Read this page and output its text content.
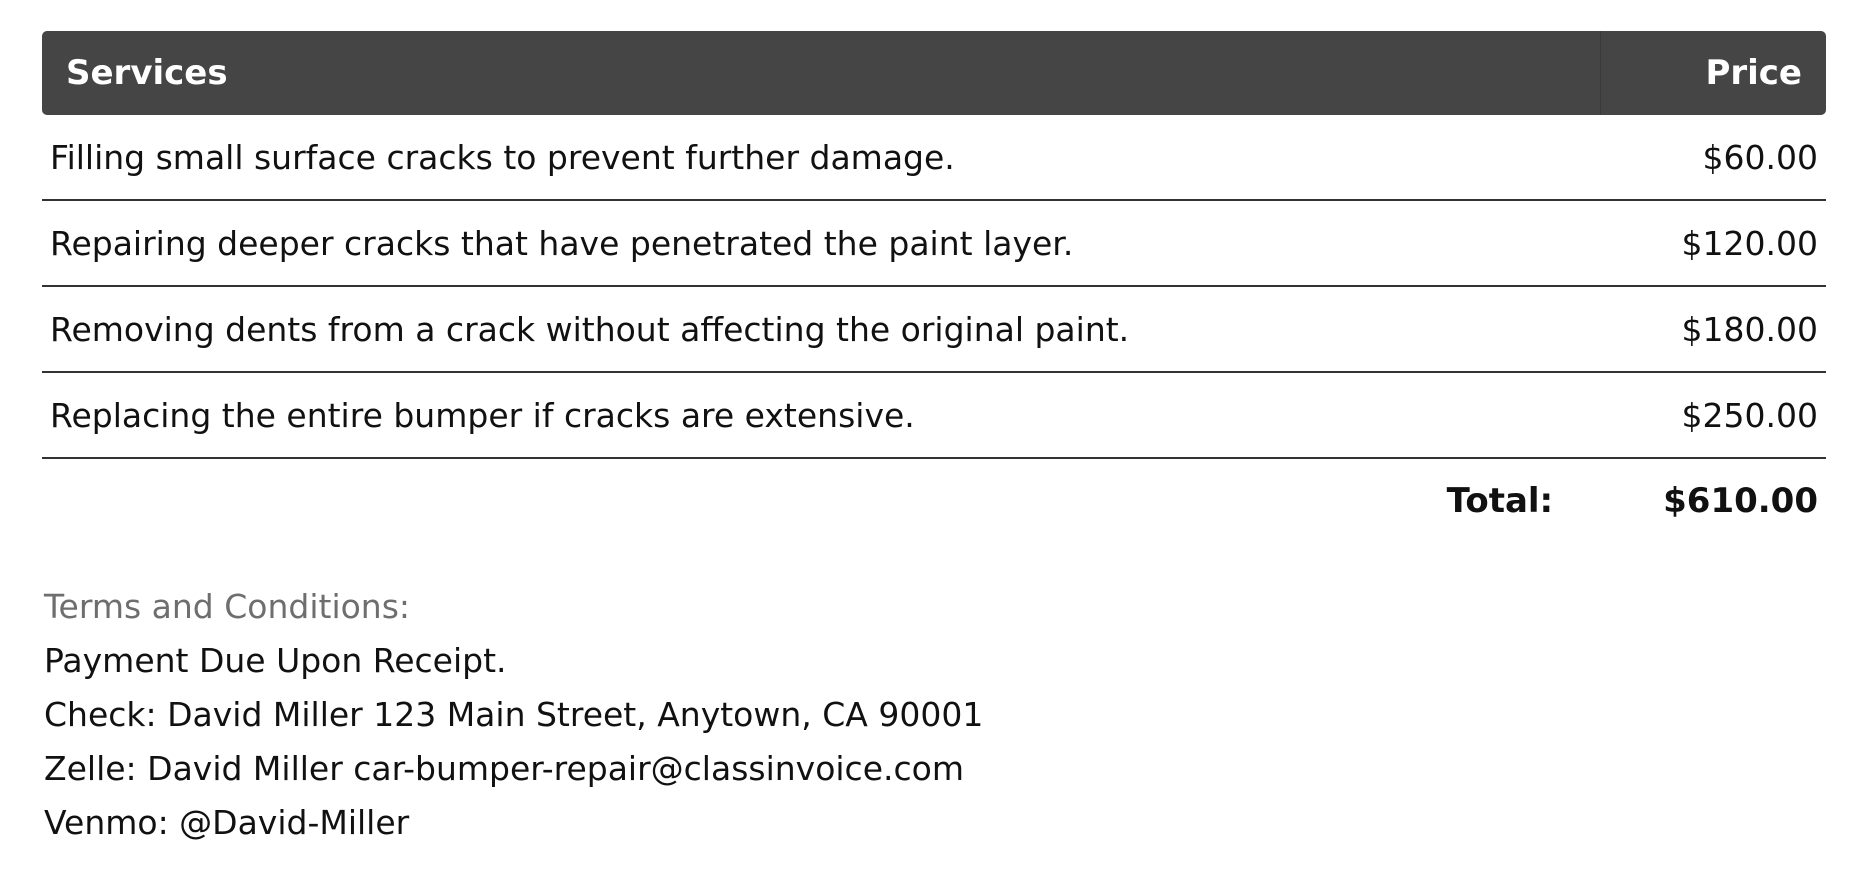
Services	Price
Filling small surface cracks to prevent further damage.	$60.00
Repairing deeper cracks that have penetrated the paint layer.	$120.00
Removing dents from a crack without affecting the original paint.	$180.00
Replacing the entire bumper if cracks are extensive.	$250.00
Total:	$610.00
Terms and Conditions:
Payment Due Upon Receipt.
Check: David Miller 123 Main Street, Anytown, CA 90001
Zelle: David Miller car-bumper-repair@classinvoice.com
Venmo: @David-Miller
